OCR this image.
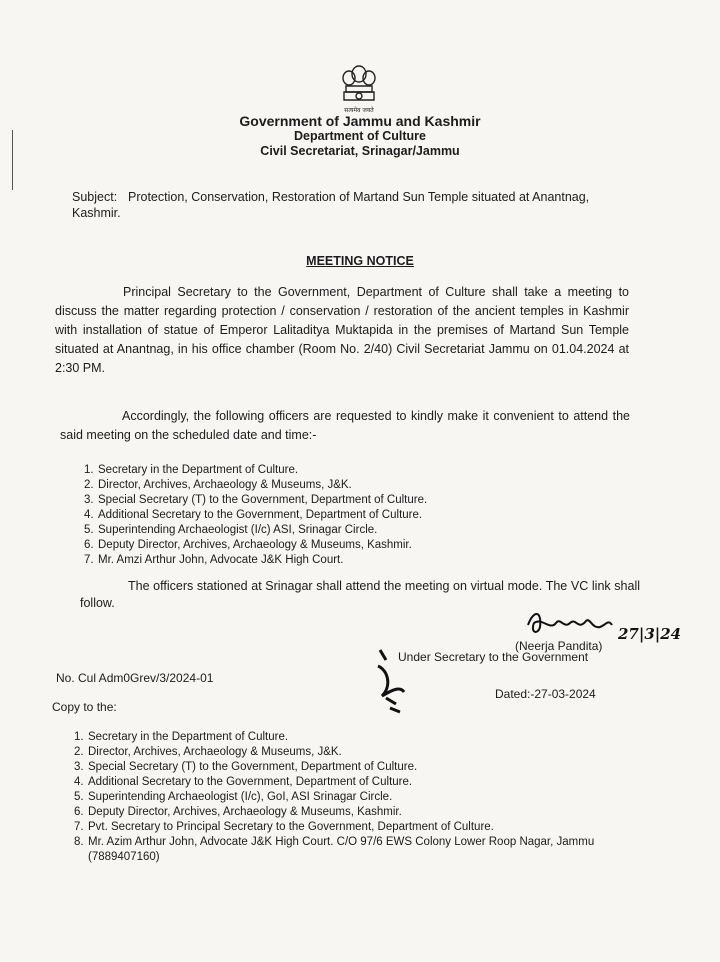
सत्यमेव जयते
Government of Jammu and Kashmir
Department of Culture
Civil Secretariat, Srinagar/Jammu
Subject: Protection, Conservation, Restoration of Martand Sun Temple situated at Anantnag, Kashmir.
MEETING NOTICE
Principal Secretary to the Government, Department of Culture shall take a meeting to discuss the matter regarding protection / conservation / restoration of the ancient temples in Kashmir with installation of statue of Emperor Lalitaditya Muktapida in the premises of Martand Sun Temple situated at Anantnag, in his office chamber (Room No. 2/40) Civil Secretariat Jammu on 01.04.2024 at 2:30 PM.
Accordingly, the following officers are requested to kindly make it convenient to attend the said meeting on the scheduled date and time:-
1. Secretary in the Department of Culture.
2. Director, Archives, Archaeology & Museums, J&K.
3. Special Secretary (T) to the Government, Department of Culture.
4. Additional Secretary to the Government, Department of Culture.
5. Superintending Archaeologist (I/c) ASI, Srinagar Circle.
6. Deputy Director, Archives, Archaeology & Museums, Kashmir.
7. Mr. Amzi Arthur John, Advocate J&K High Court.
The officers stationed at Srinagar shall attend the meeting on virtual mode. The VC link shall follow.
27|3|24
(Neerja Pandita)
Under Secretary to the Government
No. Cul Adm0Grev/3/2024-01
Dated:-27-03-2024
Copy to the:
1. Secretary in the Department of Culture.
2. Director, Archives, Archaeology & Museums, J&K.
3. Special Secretary (T) to the Government, Department of Culture.
4. Additional Secretary to the Government, Department of Culture.
5. Superintending Archaeologist (I/c), GoI, ASI Srinagar Circle.
6. Deputy Director, Archives, Archaeology & Museums, Kashmir.
7. Pvt. Secretary to Principal Secretary to the Government, Department of Culture.
8. Mr. Azim Arthur John, Advocate J&K High Court. C/O 97/6 EWS Colony Lower Roop Nagar, Jammu (7889407160)
